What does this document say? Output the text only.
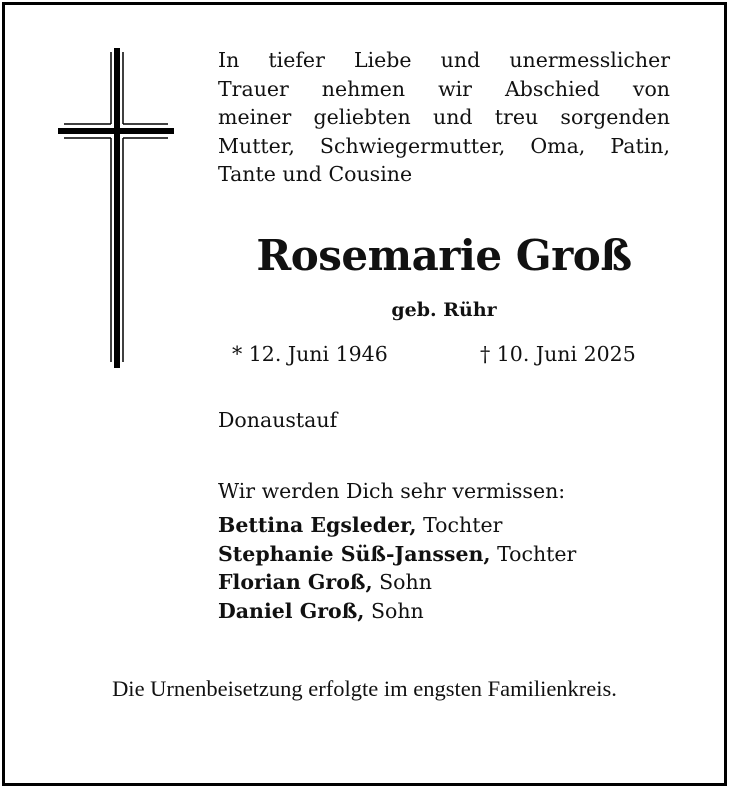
In tiefer Liebe und unermesslicher
Trauer nehmen wir Abschied von
meiner geliebten und treu sorgenden
Mutter, Schwiegermutter, Oma, Patin,
Tante und Cousine
Rosemarie Groß
geb. Rühr
* 12. Juni 1946	† 10. Juni 2025
Donaustauf
Wir werden Dich sehr vermissen:
Bettina Egsleder, Tochter
Stephanie Süß-Janssen, Tochter
Florian Groß, Sohn
Daniel Groß, Sohn
Die Urnenbeisetzung erfolgte im engsten Familienkreis.
